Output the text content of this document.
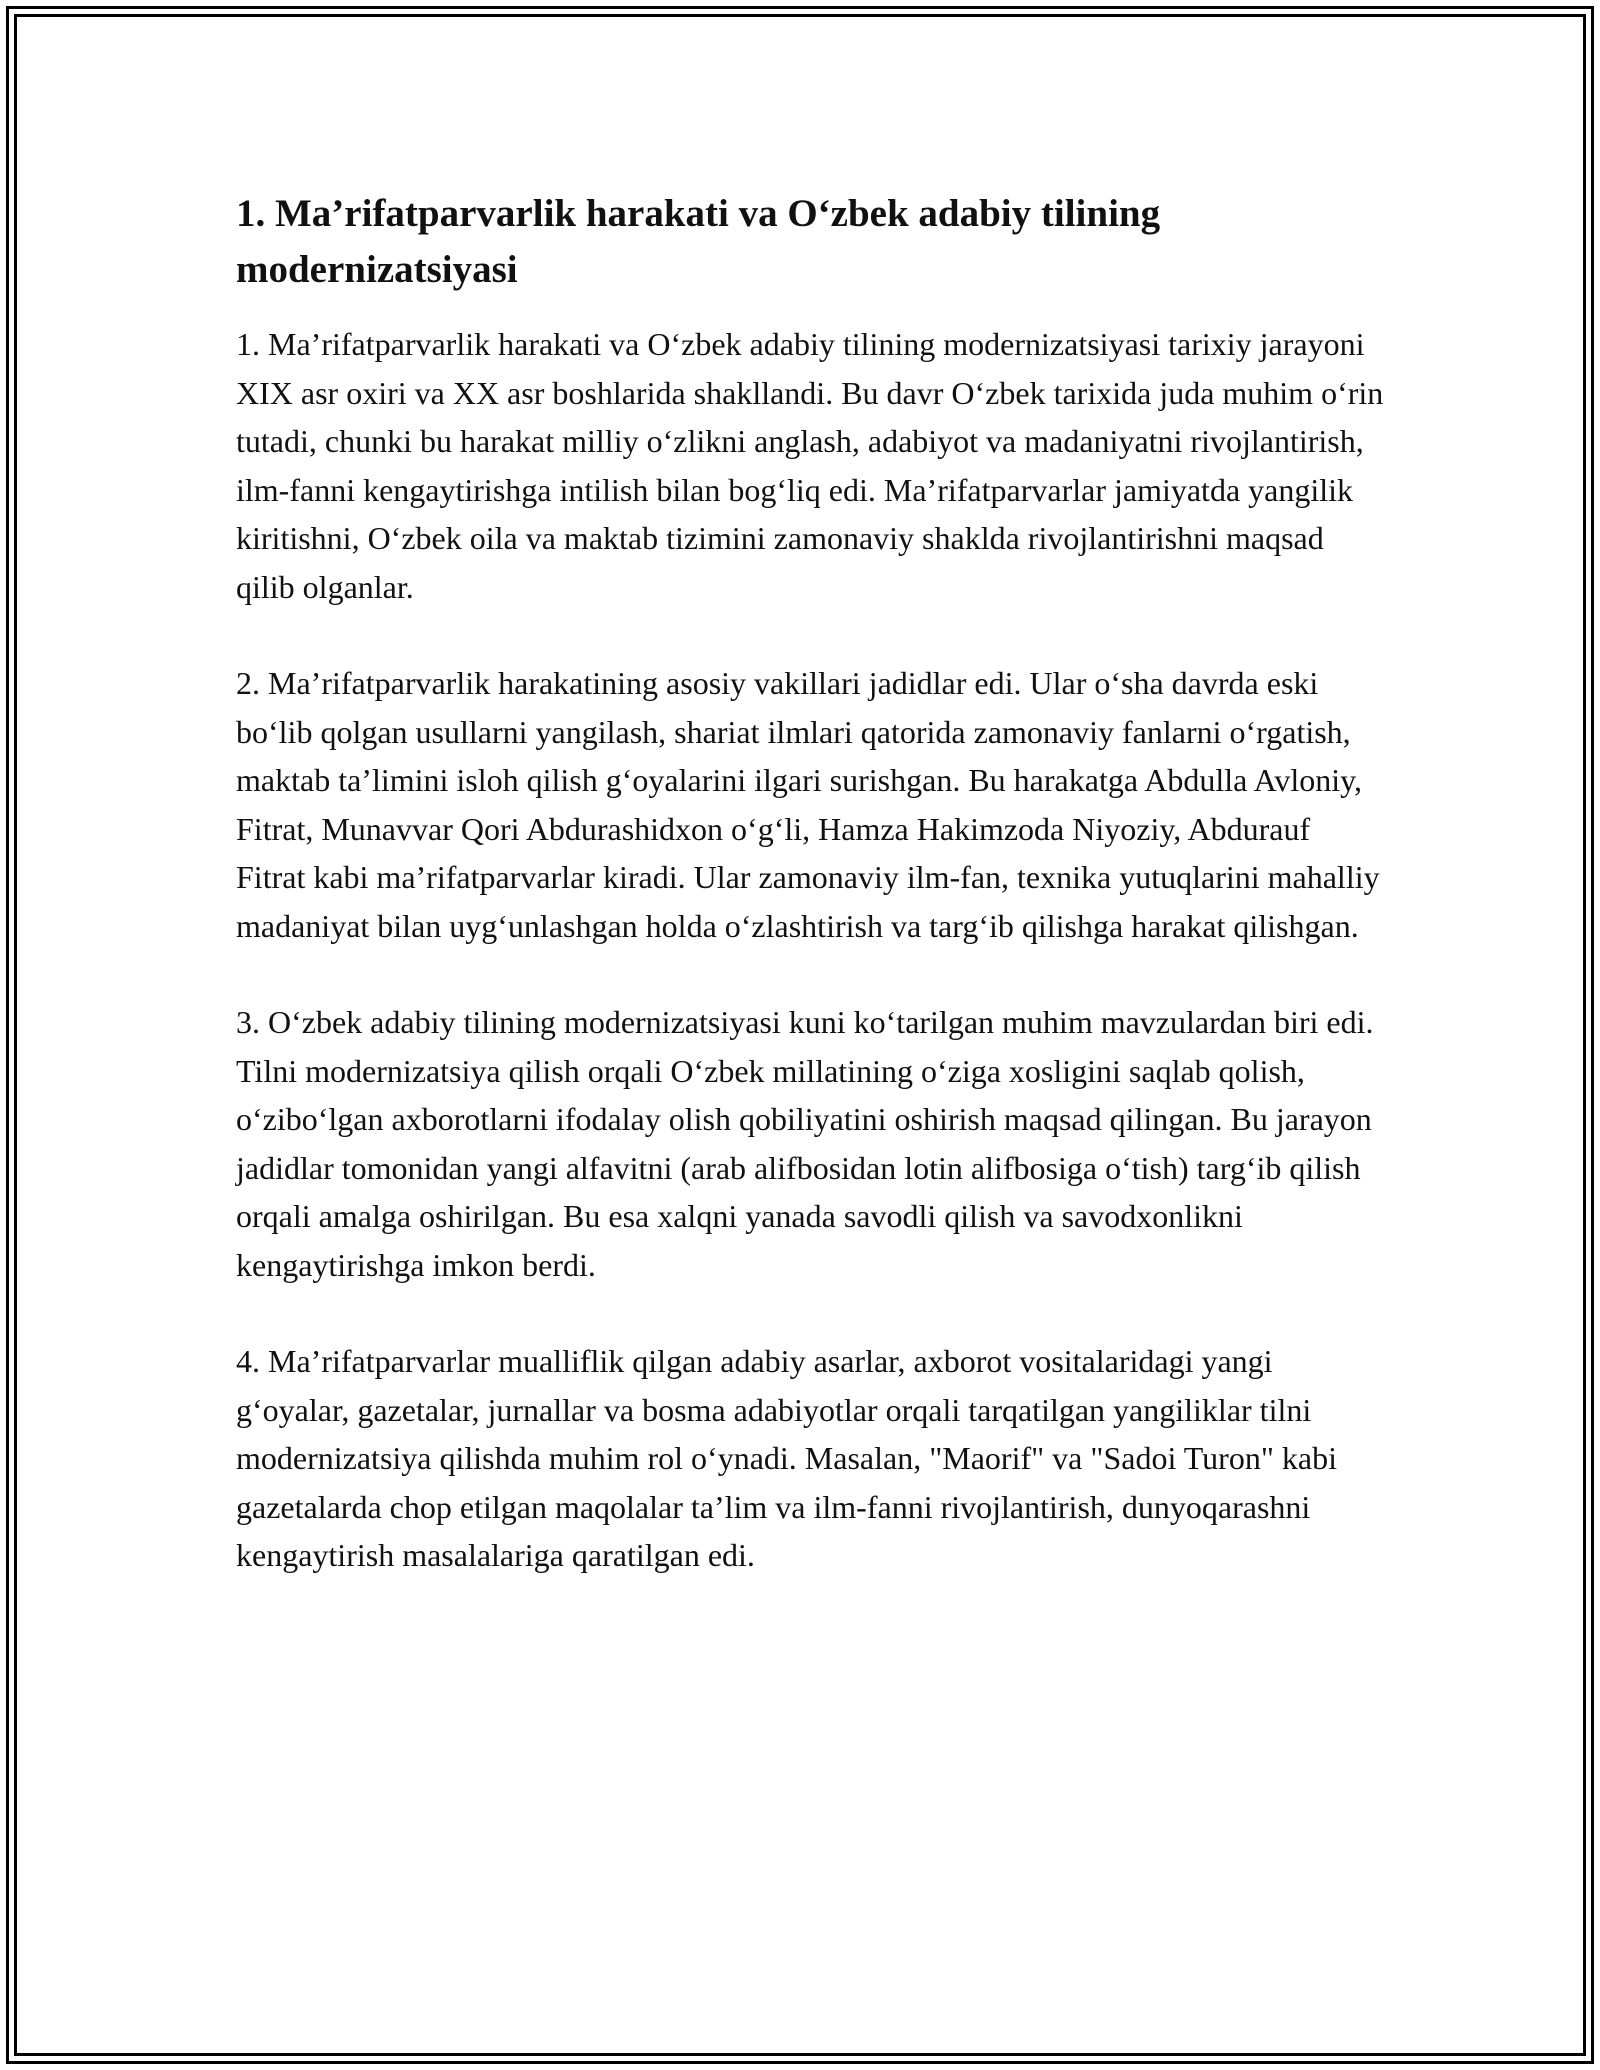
1. Ma’rifatparvarlik harakati va O‘zbek adabiy tilining modernizatsiyasi

1. Ma’rifatparvarlik harakati va O‘zbek adabiy tilining modernizatsiyasi tarixiy jarayoni XIX asr oxiri va XX asr boshlarida shakllandi. Bu davr O‘zbek tarixida juda muhim o‘rin tutadi, chunki bu harakat milliy o‘zlikni anglash, adabiyot va madaniyatni rivojlantirish, ilm-fanni kengaytirishga intilish bilan bog‘liq edi. Ma’rifatparvarlar jamiyatda yangilik kiritishni, O‘zbek oila va maktab tizimini zamonaviy shaklda rivojlantirishni maqsad qilib olganlar.

2. Ma’rifatparvarlik harakatining asosiy vakillari jadidlar edi. Ular o‘sha davrda eski bo‘lib qolgan usullarni yangilash, shariat ilmlari qatorida zamonaviy fanlarni o‘rgatish, maktab ta’limini isloh qilish g‘oyalarini ilgari surishgan. Bu harakatga Abdulla Avloniy, Fitrat, Munavvar Qori Abdurashidxon o‘g‘li, Hamza Hakimzoda Niyoziy, Abdurauf Fitrat kabi ma’rifatparvarlar kiradi. Ular zamonaviy ilm-fan, texnika yutuqlarini mahalliy madaniyat bilan uyg‘unlashgan holda o‘zlashtirish va targ‘ib qilishga harakat qilishgan.

3. O‘zbek adabiy tilining modernizatsiyasi kuni ko‘tarilgan muhim mavzulardan biri edi. Tilni modernizatsiya qilish orqali O‘zbek millatining o‘ziga xosligini saqlab qolish, o‘zibo‘lgan axborotlarni ifodalay olish qobiliyatini oshirish maqsad qilingan. Bu jarayon jadidlar tomonidan yangi alfavitni (arab alifbosidan lotin alifbosiga o‘tish) targ‘ib qilish orqali amalga oshirilgan. Bu esa xalqni yanada savodli qilish va savodxonlikni kengaytirishga imkon berdi.

4. Ma’rifatparvarlar mualliflik qilgan adabiy asarlar, axborot vositalaridagi yangi g‘oyalar, gazetalar, jurnallar va bosma adabiyotlar orqali tarqatilgan yangiliklar tilni modernizatsiya qilishda muhim rol o‘ynadi. Masalan, "Maorif" va "Sadoi Turon" kabi gazetalarda chop etilgan maqolalar ta’lim va ilm-fanni rivojlantirish, dunyoqarashni kengaytirish masalalariga qaratilgan edi.
